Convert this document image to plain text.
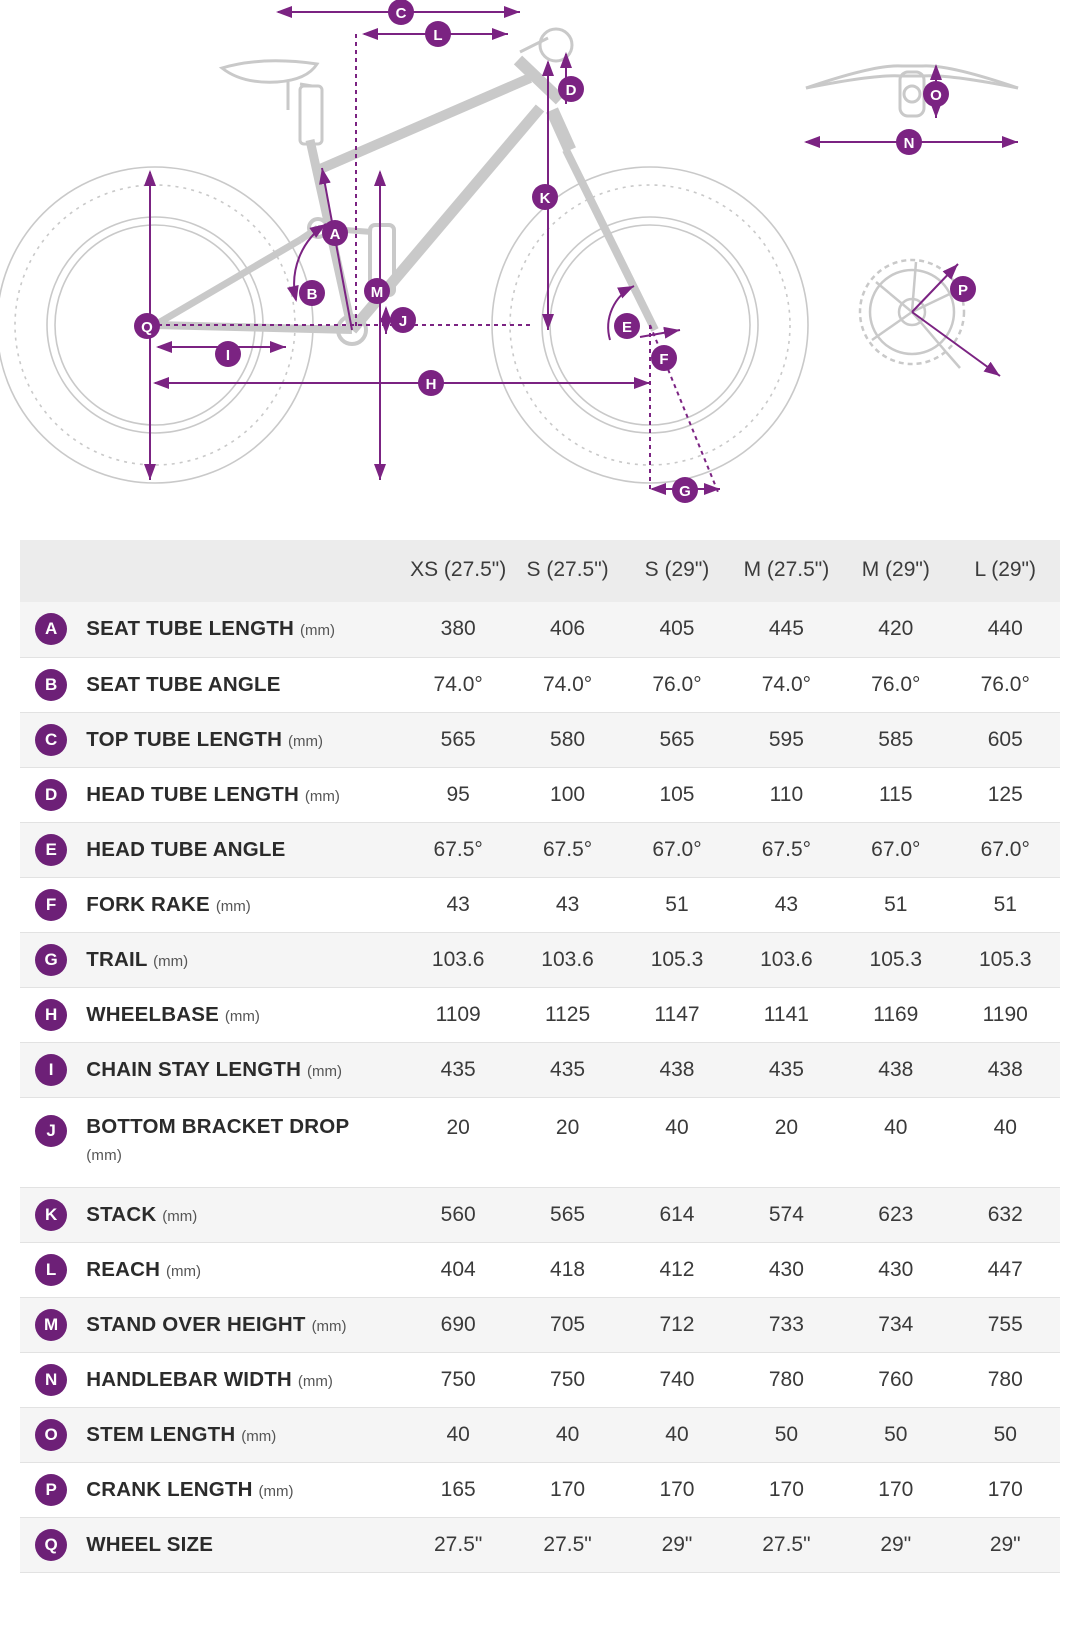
C
L
D
K
A
B	M
J
Q
I
H
E
F
G
O
N
P
		XS (27.5")	S (27.5")	S (29")	M (27.5")	M (29")	L (29")
A	SEAT TUBE LENGTH (mm)	380	406	405	445	420	440
B	SEAT TUBE ANGLE	74.0°	74.0°	76.0°	74.0°	76.0°	76.0°
C	TOP TUBE LENGTH (mm)	565	580	565	595	585	605
D	HEAD TUBE LENGTH (mm)	95	100	105	110	115	125
E	HEAD TUBE ANGLE	67.5°	67.5°	67.0°	67.5°	67.0°	67.0°
F	FORK RAKE (mm)	43	43	51	43	51	51
G	TRAIL (mm)	103.6	103.6	105.3	103.6	105.3	105.3
H	WHEELBASE (mm)	1109	1125	1147	1141	1169	1190
I	CHAIN STAY LENGTH (mm)	435	435	438	435	438	438
J	BOTTOM BRACKET DROP
(mm)	20	20	40	20	40	40
K	STACK (mm)	560	565	614	574	623	632
L	REACH (mm)	404	418	412	430	430	447
M	STAND OVER HEIGHT (mm)	690	705	712	733	734	755
N	HANDLEBAR WIDTH (mm)	750	750	740	780	760	780
O	STEM LENGTH (mm)	40	40	40	50	50	50
P	CRANK LENGTH (mm)	165	170	170	170	170	170
Q	WHEEL SIZE	27.5"	27.5"	29"	27.5"	29"	29"
